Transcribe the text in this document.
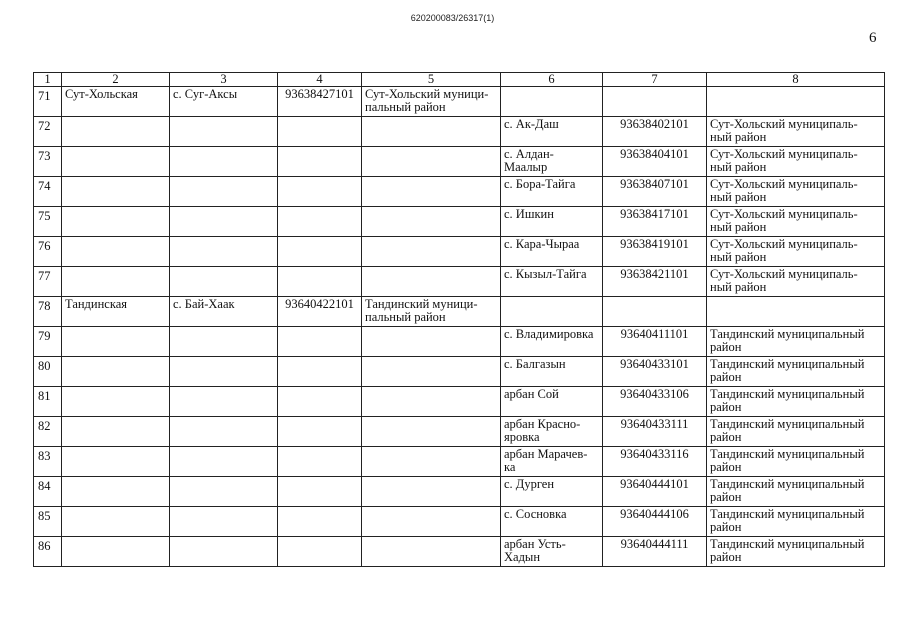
620200083/26317(1)
6
1	2	3	4	5	6	7	8
71	Сут-Хольская	с. Суг-Аксы	93638427101	Сут-Хольский муници-
пальный район			
72					с. Ак-Даш	93638402101	Сут-Хольский муниципаль-
ный район
73					с. Алдан-
Маалыр	93638404101	Сут-Хольский муниципаль-
ный район
74					с. Бора-Тайга	93638407101	Сут-Хольский муниципаль-
ный район
75					с. Ишкин	93638417101	Сут-Хольский муниципаль-
ный район
76					с. Кара-Чыраа	93638419101	Сут-Хольский муниципаль-
ный район
77					с. Кызыл-Тайга	93638421101	Сут-Хольский муниципаль-
ный район
78	Тандинская	с. Бай-Хаак	93640422101	Тандинский муници-
пальный район			
79					с. Владимировка	93640411101	Тандинский муниципальный
район
80					с. Балгазын	93640433101	Тандинский муниципальный
район
81					арбан Сой	93640433106	Тандинский муниципальный
район
82					арбан Красно-
яровка	93640433111	Тандинский муниципальный
район
83					арбан Марачев-
ка	93640433116	Тандинский муниципальный
район
84					с. Дурген	93640444101	Тандинский муниципальный
район
85					с. Сосновка	93640444106	Тандинский муниципальный
район
86					арбан Усть-
Хадын	93640444111	Тандинский муниципальный
район
